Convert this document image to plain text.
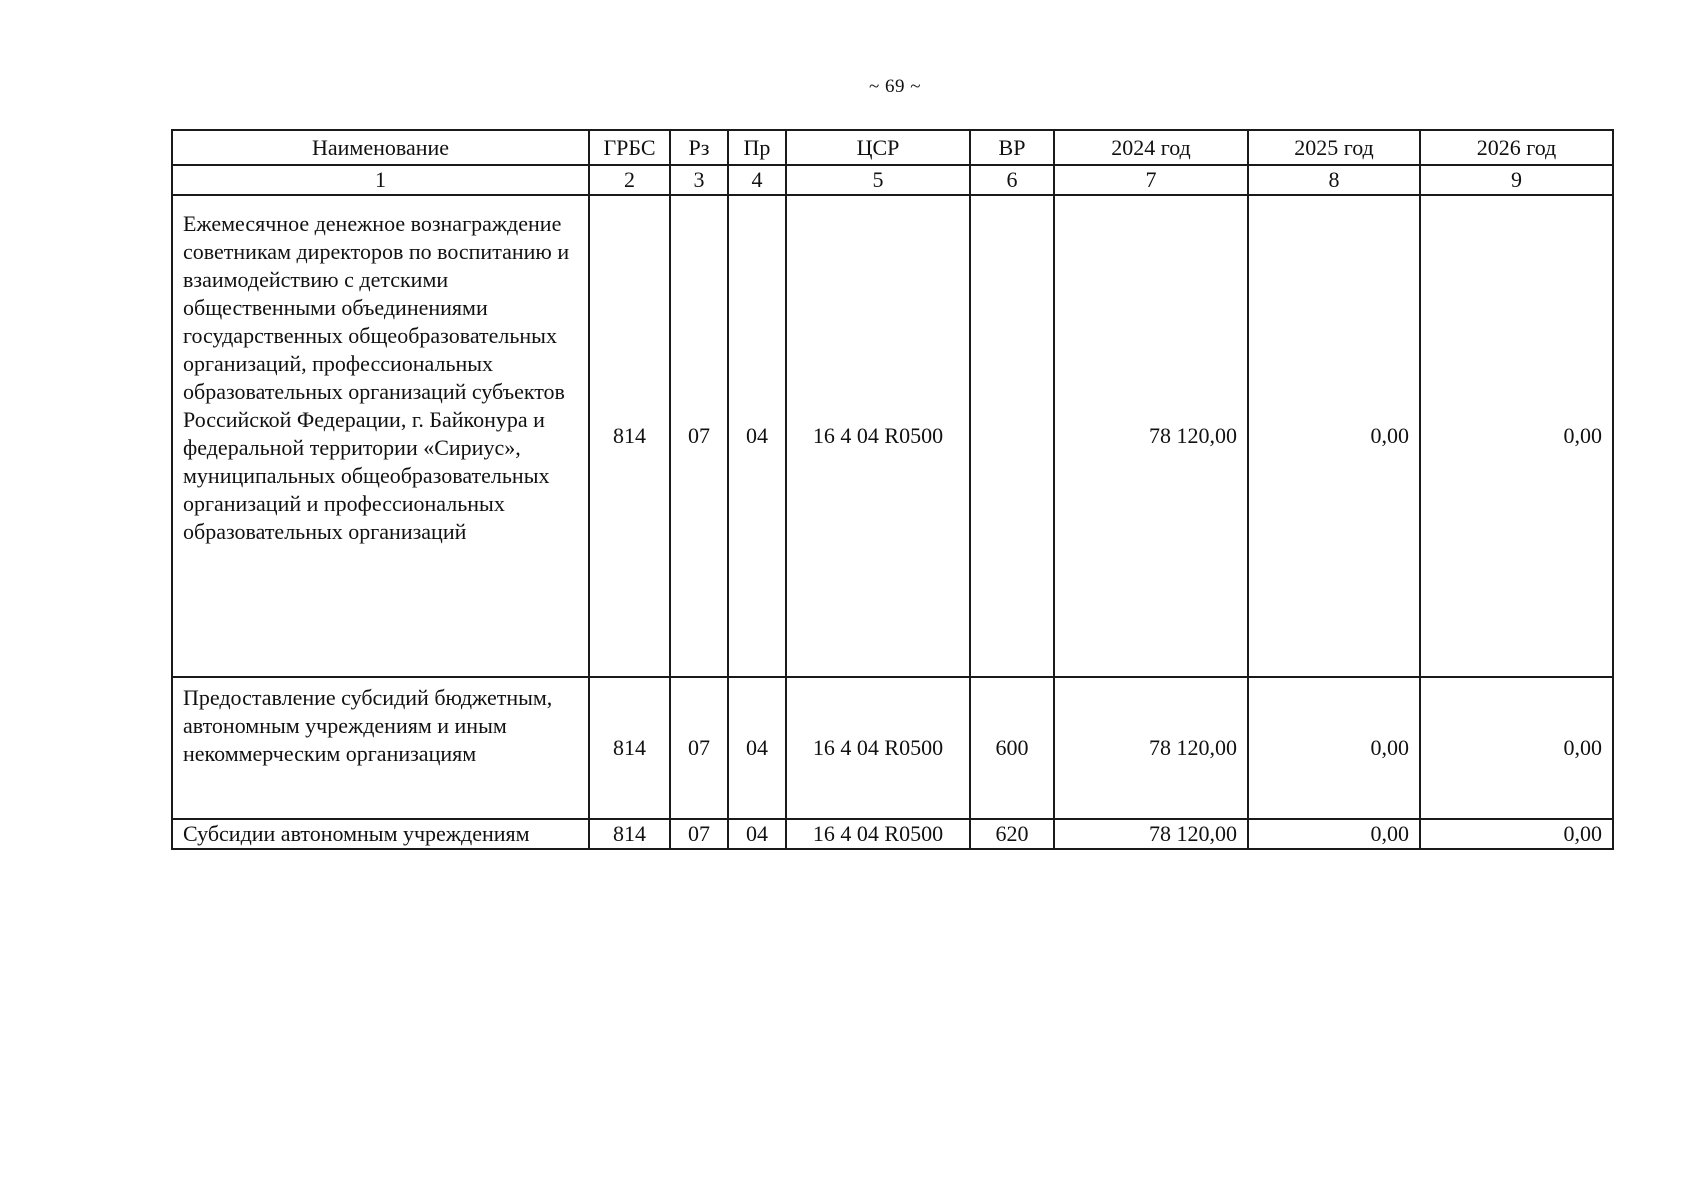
~ 69 ~
Наименование	ГРБС	Рз	Пр	ЦСР	ВР	2024 год	2025 год	2026 год
1	2	3	4	5	6	7	8	9
Ежемесячное денежное вознаграждение советникам директоров по воспитанию и взаимодействию с детскими общественными объединениями государственных общеобразовательных организаций, профессиональных образовательных организаций субъектов Российской Федерации, г. Байконура и федеральной территории «Сириус», муниципальных общеобразовательных организаций и профессиональных образовательных организаций	814	07	04	16 4 04 R0500		78 120,00	0,00	0,00
Предоставление субсидий бюджетным, автономным учреждениям и иным некоммерческим организациям	814	07	04	16 4 04 R0500	600	78 120,00	0,00	0,00
Субсидии автономным учреждениям	814	07	04	16 4 04 R0500	620	78 120,00	0,00	0,00
